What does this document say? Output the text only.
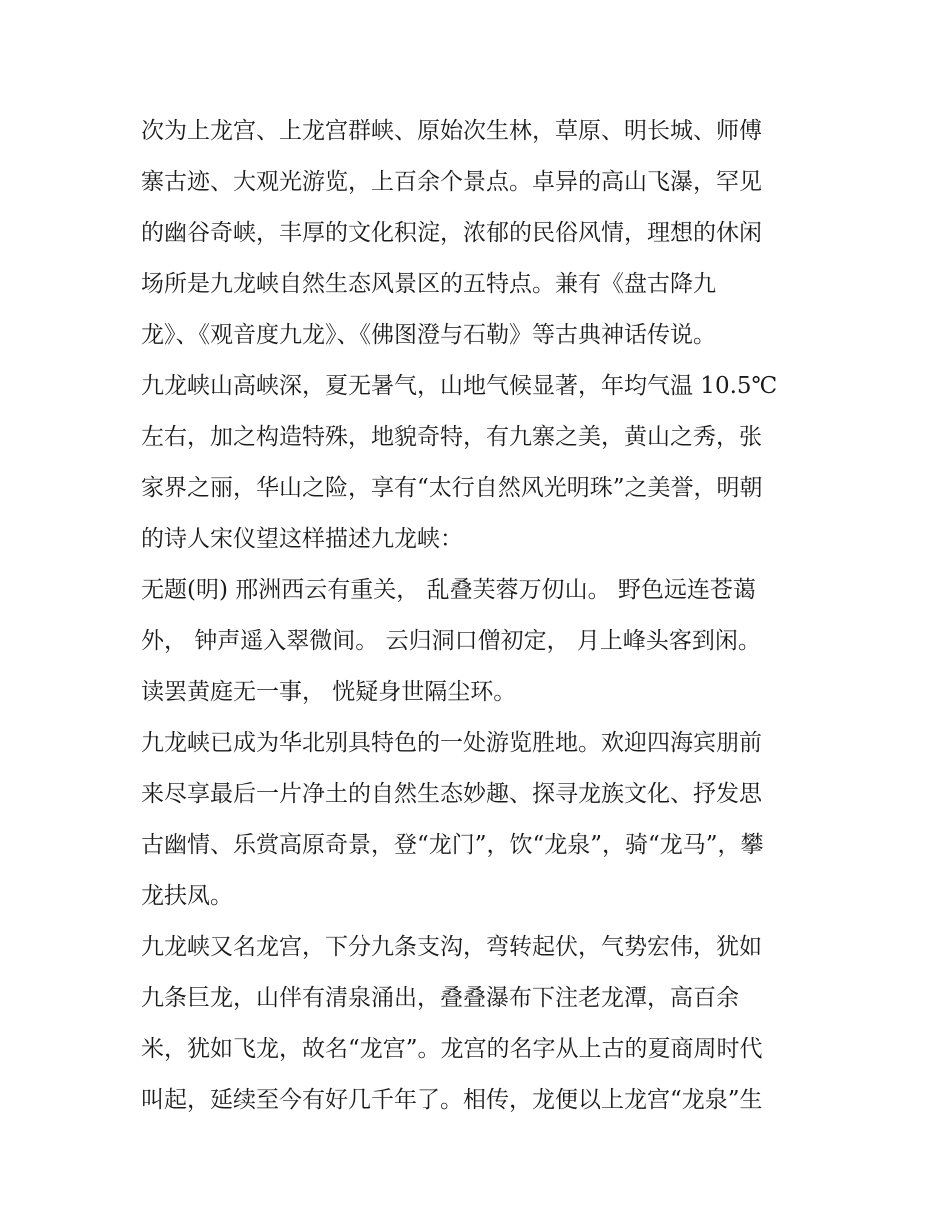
次为上龙宫、上龙宫群峡、原始次生林，草原、明长城、师傅
寨古迹、大观光游览，上百余个景点。卓异的高山飞瀑，罕见
的幽谷奇峡，丰厚的文化积淀，浓郁的民俗风情，理想的休闲
场所是九龙峡自然生态风景区的五特点。兼有《盘古降九
龙》、《观音度九龙》、《佛图澄与石勒》等古典神话传说。
九龙峡山高峡深，夏无暑气，山地气候显著，年均气温 10.5℃
左右，加之构造特殊，地貌奇特，有九寨之美，黄山之秀，张
家界之丽，华山之险，享有“太行自然风光明珠”之美誉，明朝
的诗人宋仪望这样描述九龙峡：
无题(明) 邢洲西云有重关， 乱叠芙蓉万仞山。 野色远连苍蔼
外， 钟声遥入翠微间。 云归洞口僧初定， 月上峰头客到闲。
读罢黄庭无一事， 恍疑身世隔尘环。
九龙峡已成为华北别具特色的一处游览胜地。欢迎四海宾朋前
来尽享最后一片净土的自然生态妙趣、探寻龙族文化、抒发思
古幽情、乐赏高原奇景，登“龙门”，饮“龙泉”，骑“龙马”，攀
龙扶凤。
九龙峡又名龙宫，下分九条支沟，弯转起伏，气势宏伟，犹如
九条巨龙，山伴有清泉涌出，叠叠瀑布下注老龙潭，高百余
米，犹如飞龙，故名“龙宫”。龙宫的名字从上古的夏商周时代
叫起，延续至今有好几千年了。相传，龙便以上龙宫“龙泉”生
